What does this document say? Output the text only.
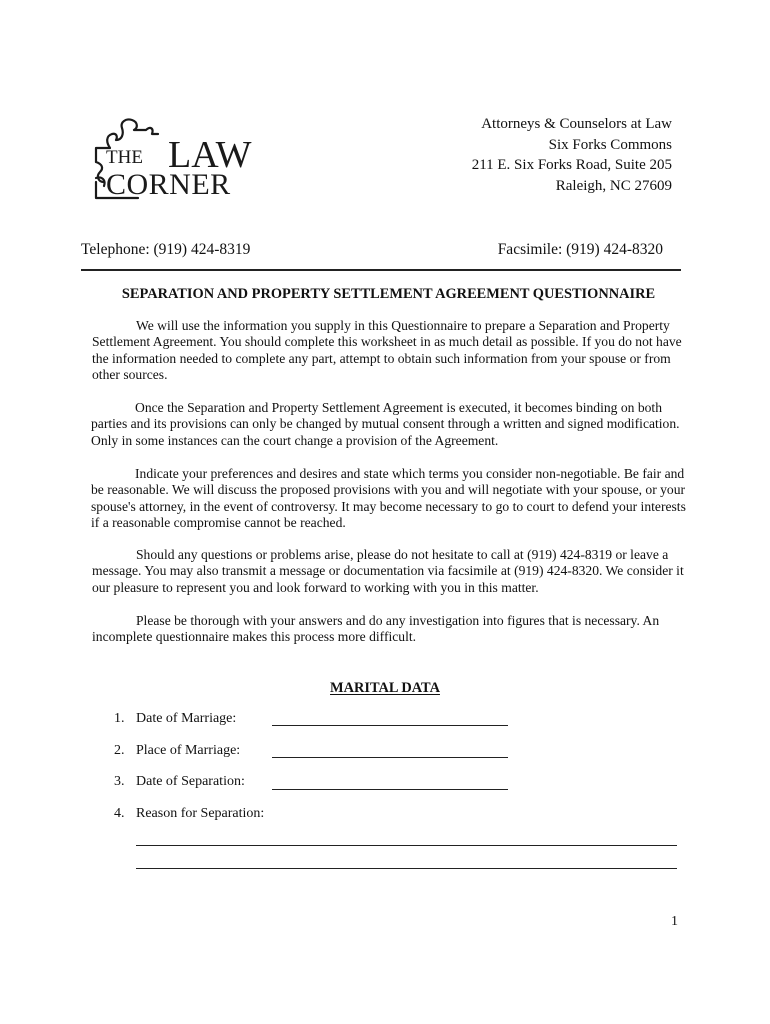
THE LAW
CORNER
Attorneys & Counselors at Law
Six Forks Commons
211 E. Six Forks Road, Suite 205
Raleigh, NC 27609
Telephone: (919) 424-8319	Facsimile: (919) 424-8320
SEPARATION AND PROPERTY SETTLEMENT AGREEMENT QUESTIONNAIRE

We will use the information you supply in this Questionnaire to prepare a Separation and Property Settlement Agreement. You should complete this worksheet in as much detail as possible. If you do not have the information needed to complete any part, attempt to obtain such information from your spouse or from other sources.

Once the Separation and Property Settlement Agreement is executed, it becomes binding on both parties and its provisions can only be changed by mutual consent through a written and signed modification. Only in some instances can the court change a provision of the Agreement.

Indicate your preferences and desires and state which terms you consider non-negotiable. Be fair and be reasonable. We will discuss the proposed provisions with you and will negotiate with your spouse, or your spouse's attorney, in the event of controversy. It may become necessary to go to court to defend your interests if a reasonable compromise cannot be reached.

Should any questions or problems arise, please do not hesitate to call at (919) 424-8319 or leave a message. You may also transmit a message or documentation via facsimile at (919) 424-8320. We consider it our pleasure to represent you and look forward to working with you in this matter.

Please be thorough with your answers and do any investigation into figures that is necessary. An incomplete questionnaire makes this process more difficult.

MARITAL DATA
1. Date of Marriage:
2. Place of Marriage:
3. Date of Separation:
4. Reason for Separation:
1
